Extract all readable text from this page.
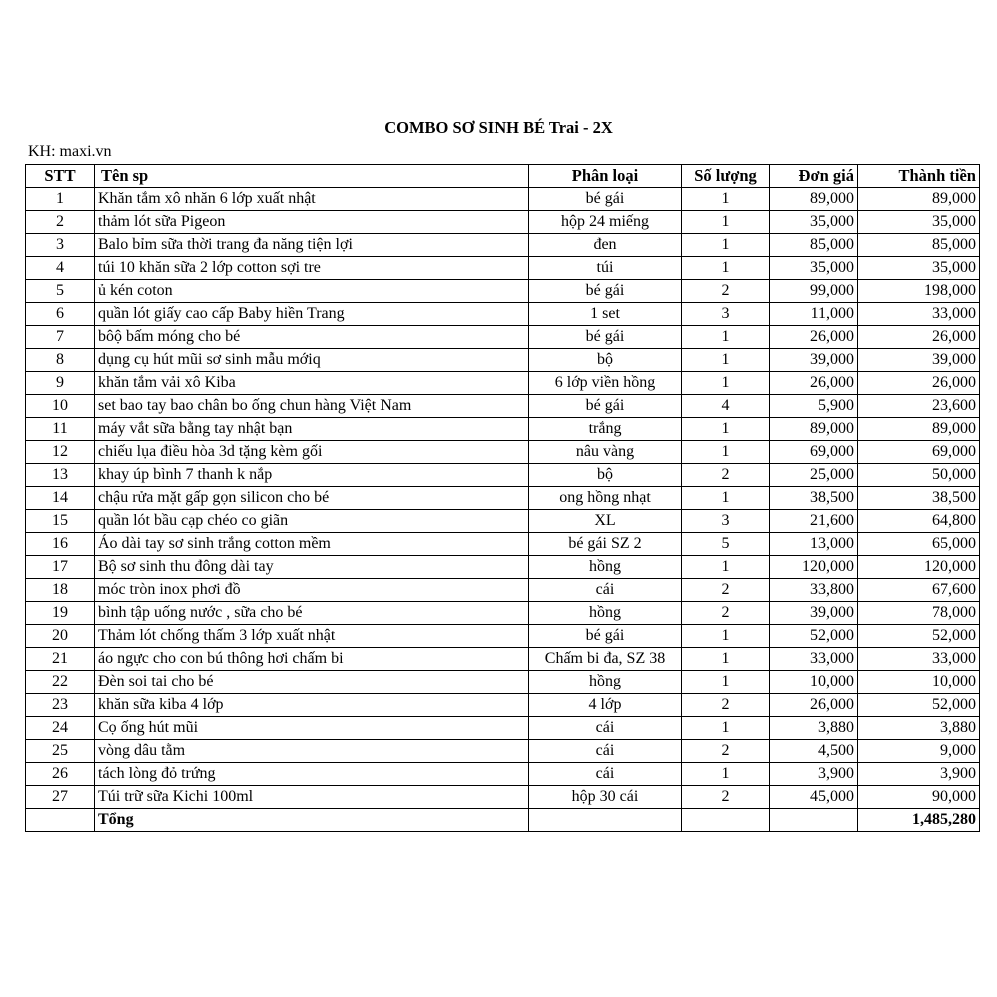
COMBO SƠ SINH BÉ Trai - 2X
KH: maxi.vn
STT	Tên sp	Phân loại	Số lượng	Đơn giá	Thành tiền
1	Khăn tắm xô nhăn 6 lớp xuất nhật	bé gái	1	89,000	89,000
2	thảm lót sữa Pigeon	hộp 24 miếng	1	35,000	35,000
3	Balo bỉm sữa thời trang đa năng tiện lợi	đen	1	85,000	85,000
4	túi 10 khăn sữa 2 lớp cotton sợi tre	túi	1	35,000	35,000
5	ủ kén coton	bé gái	2	99,000	198,000
6	quần lót giấy cao cấp Baby hiền Trang	1 set	3	11,000	33,000
7	bôộ bấm móng cho bé	bé gái	1	26,000	26,000
8	dụng cụ hút mũi sơ sinh mẫu mớiq	bộ	1	39,000	39,000
9	khăn tắm vải xô Kiba	6 lớp viền hồng	1	26,000	26,000
10	set bao tay bao chân bo ống chun hàng Việt Nam	bé gái	4	5,900	23,600
11	máy vắt sữa bằng tay nhật bạn	trắng	1	89,000	89,000
12	chiếu lụa điều hòa 3d tặng kèm gối	nâu vàng	1	69,000	69,000
13	khay úp bình 7 thanh k nắp	bộ	2	25,000	50,000
14	chậu rửa mặt gấp gọn silicon cho bé	ong hồng nhạt	1	38,500	38,500
15	quần lót bầu cạp chéo co giãn	XL	3	21,600	64,800
16	Áo dài tay sơ sinh trắng cotton mềm	bé gái SZ 2	5	13,000	65,000
17	Bộ sơ sinh thu đông dài tay	hồng	1	120,000	120,000
18	móc tròn inox phơi đồ	cái	2	33,800	67,600
19	bình tập uống nước , sữa cho bé	hồng	2	39,000	78,000
20	Thảm lót chống thấm 3 lớp xuất nhật	bé gái	1	52,000	52,000
21	áo ngực cho con bú thông hơi chấm bi	Chấm bi đa, SZ 38	1	33,000	33,000
22	Đèn soi tai cho bé	hồng	1	10,000	10,000
23	khăn sữa kiba 4 lớp	4 lớp	2	26,000	52,000
24	Cọ ống hút mũi	cái	1	3,880	3,880
25	vòng dâu tằm	cái	2	4,500	9,000
26	tách lòng đỏ trứng	cái	1	3,900	3,900
27	Túi trữ sữa Kichi 100ml	hộp 30 cái	2	45,000	90,000
	Tổng				1,485,280
